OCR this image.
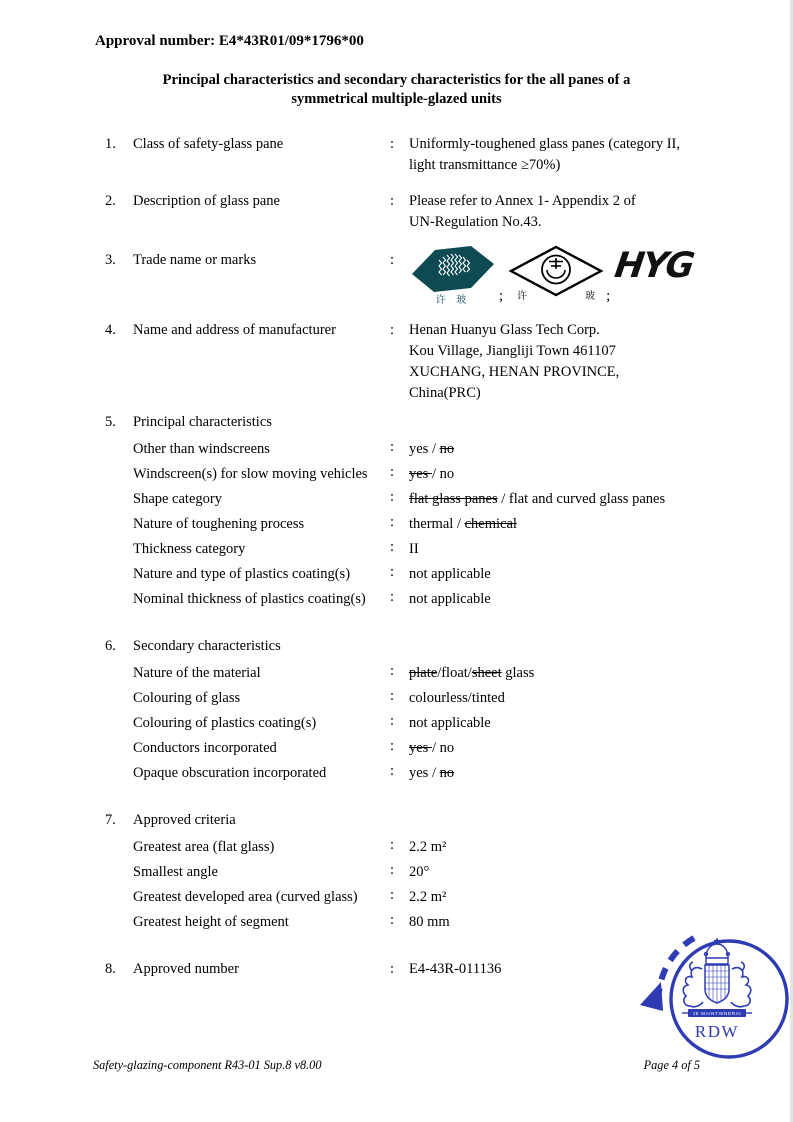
Approval number: E4*43R01/09*1796*00
Principal characteristics and secondary characteristics for the all panes of a
symmetrical multiple-glazed units
1.	Class of safety-glass pane	:	Uniformly-toughened glass panes (category II,
light transmittance ≥70%)
2.	Description of glass pane	:	Please refer to Annex 1- Appendix 2 of
UN-Regulation No.43.
3.	Trade name or marks	:
许 玻 ; 许	玻 ;
HYG
4.	Name and address of manufacturer	:	Henan Huanyu Glass Tech Corp.
Kou Village, Jiangliji Town 461107
XUCHANG, HENAN PROVINCE,
China(PRC)
5.	Principal characteristics
Other than windscreens	:	yes / no
Windscreen(s) for slow moving vehicles	:	yes / no
Shape category	:	flat glass panes / flat and curved glass panes
Nature of toughening process	:	thermal / chemical
Thickness category	:	II
Nature and type of plastics coating(s)	:	not applicable
Nominal thickness of plastics coating(s)	:	not applicable
6.	Secondary characteristics
Nature of the material	:	plate/float/sheet glass
Colouring of glass	:	colourless/tinted
Colouring of plastics coating(s)	:	not applicable
Conductors incorporated	:	yes / no
Opaque obscuration incorporated	:	yes / no
7.	Approved criteria
Greatest area (flat glass)	:	2.2 m²
Smallest angle	:	20°
Greatest developed area (curved glass)	:	2.2 m²
Greatest height of segment	:	80 mm
8.	Approved number	:	E4-43R-011136
JE MAINTIENDRAI
RDW
Safety-glazing-component R43-01 Sup.8 v8.00	Page 4 of 5
